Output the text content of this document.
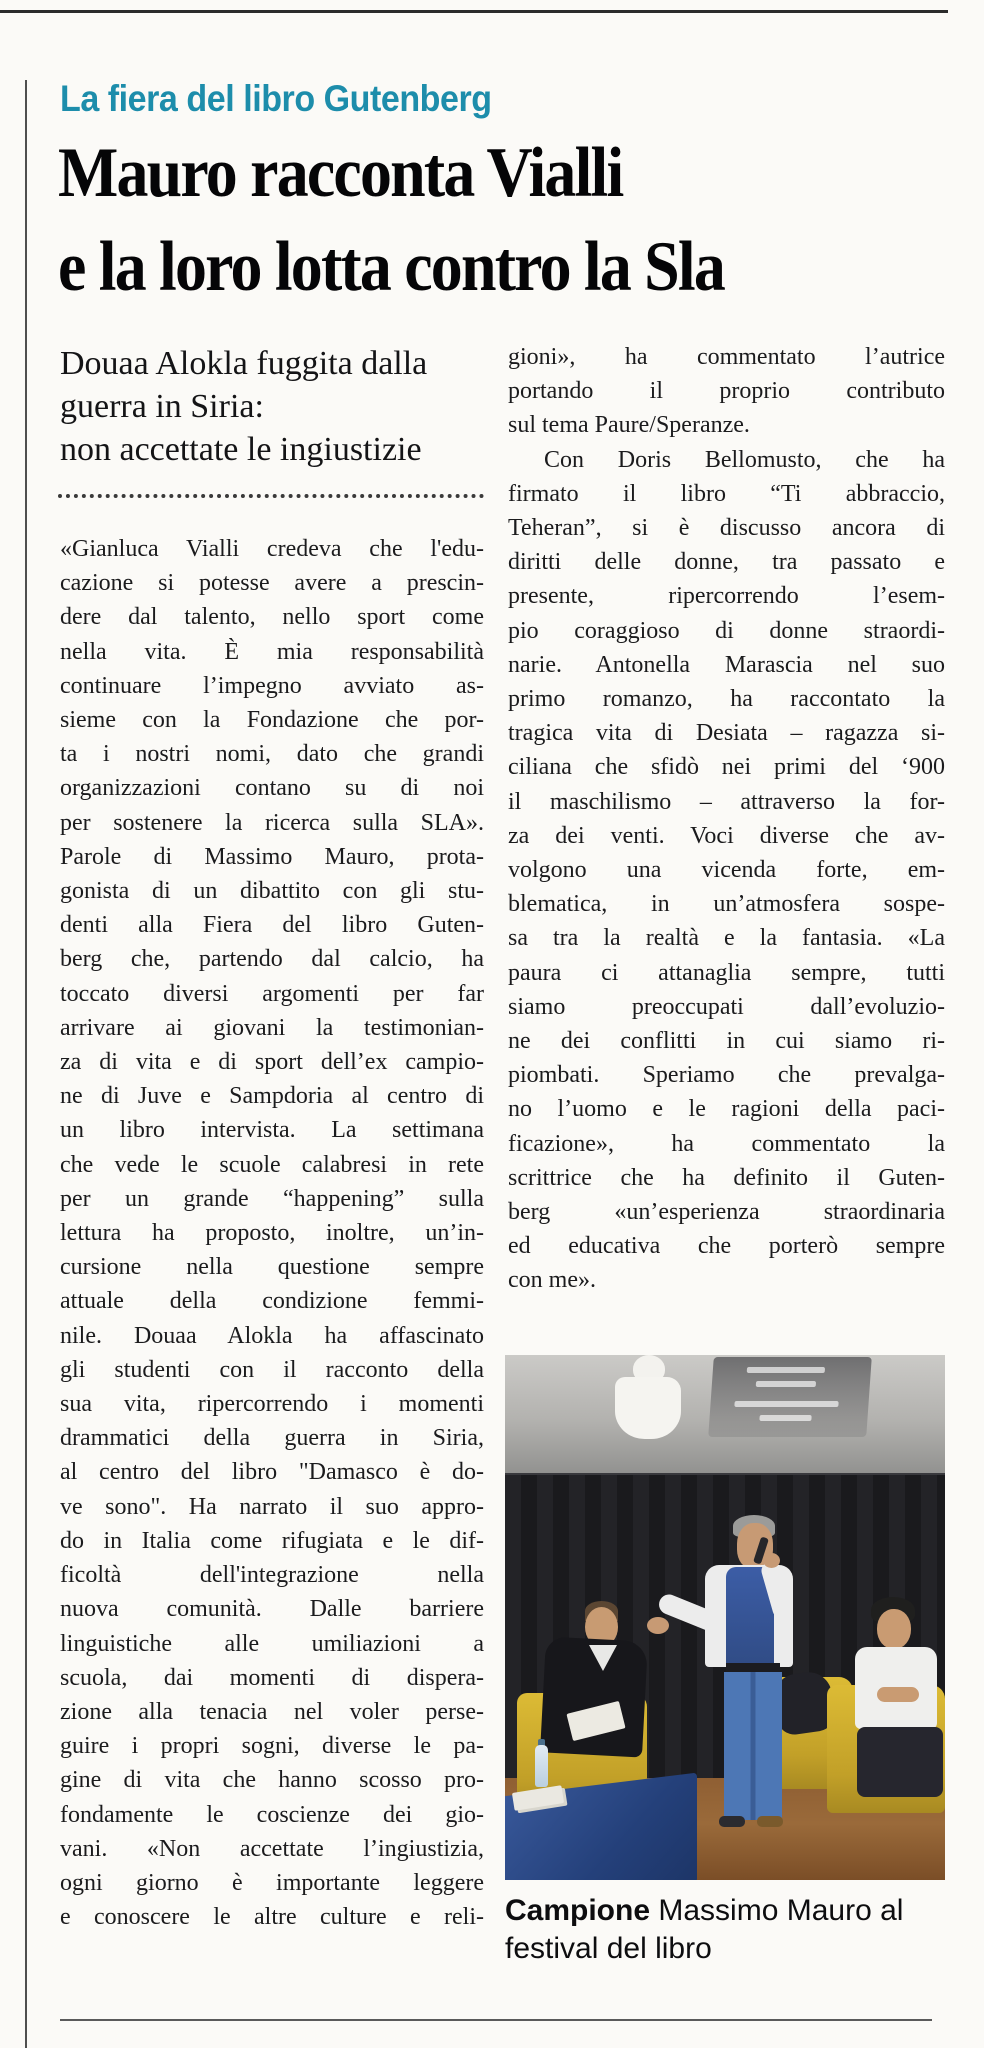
La fiera del libro Gutenberg
Mauro racconta Vialli
e la loro lotta contro la Sla
Douaa Alokla fuggita dalla
guerra in Siria:
non accettate le ingiustizie
«Gianluca Vialli credeva che l'edu-
cazione si potesse avere a prescin-
dere dal talento, nello sport come
nella vita. È mia responsabilità
continuare l’impegno avviato as-
sieme con la Fondazione che por-
ta i nostri nomi, dato che grandi
organizzazioni contano su di noi
per sostenere la ricerca sulla SLA».
Parole di Massimo Mauro, prota-
gonista di un dibattito con gli stu-
denti alla Fiera del libro Guten-
berg che, partendo dal calcio, ha
toccato diversi argomenti per far
arrivare ai giovani la testimonian-
za di vita e di sport dell’ex campio-
ne di Juve e Sampdoria al centro di
un libro intervista. La settimana
che vede le scuole calabresi in rete
per un grande “happening” sulla
lettura ha proposto, inoltre, un’in-
cursione nella questione sempre
attuale della condizione femmi-
nile. Douaa Alokla ha affascinato
gli studenti con il racconto della
sua vita, ripercorrendo i momenti
drammatici della guerra in Siria,
al centro del libro "Damasco è do-
ve sono". Ha narrato il suo appro-
do in Italia come rifugiata e le dif-
ficoltà dell'integrazione nella
nuova comunità. Dalle barriere
linguistiche alle umiliazioni a
scuola, dai momenti di dispera-
zione alla tenacia nel voler perse-
guire i propri sogni, diverse le pa-
gine di vita che hanno scosso pro-
fondamente le coscienze dei gio-
vani. «Non accettate l’ingiustizia,
ogni giorno è importante leggere
e conoscere le altre culture e reli-
gioni», ha commentato l’autrice
portando il proprio contributo
sul tema Paure/Speranze.
Con Doris Bellomusto, che ha
firmato il libro “Ti abbraccio,
Teheran”, si è discusso ancora di
diritti delle donne, tra passato e
presente, ripercorrendo l’esem-
pio coraggioso di donne straordi-
narie. Antonella Marascia nel suo
primo romanzo, ha raccontato la
tragica vita di Desiata – ragazza si-
ciliana che sfidò nei primi del ‘900
il maschilismo – attraverso la for-
za dei venti. Voci diverse che av-
volgono una vicenda forte, em-
blematica, in un’atmosfera sospe-
sa tra la realtà e la fantasia. «La
paura ci attanaglia sempre, tutti
siamo preoccupati dall’evoluzio-
ne dei conflitti in cui siamo ri-
piombati. Speriamo che prevalga-
no l’uomo e le ragioni della paci-
ficazione», ha commentato la
scrittrice che ha definito il Guten-
berg «un’esperienza straordinaria
ed educativa che porterò sempre
con me».
Campione Massimo Mauro al festival del libro
